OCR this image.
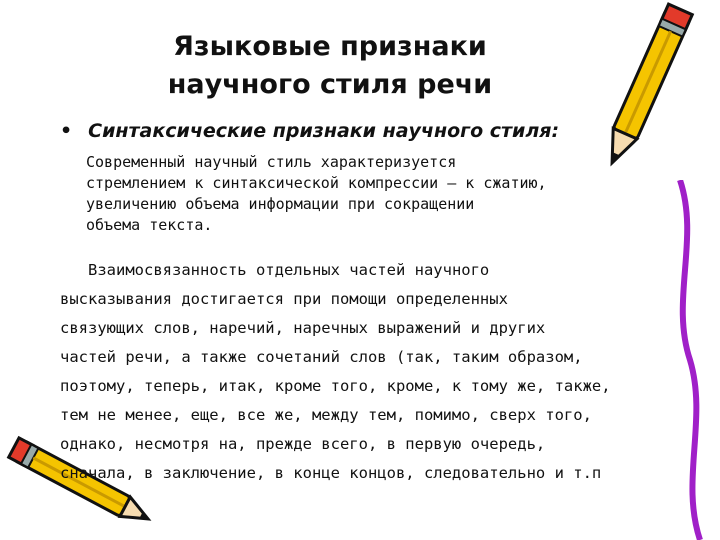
Языковые признаки
научного стиля речи
• Синтаксические признаки научного стиля:
Современный научный стиль характеризуется
стремлением к синтаксической компрессии – к сжатию,
увеличению объема информации при сокращении
объема текста.
Взаимосвязанность отдельных частей научного
высказывания достигается при помощи определенных
связующих слов, наречий, наречных выражений и других
частей речи, а также сочетаний слов (так, таким образом,
поэтому, теперь, итак, кроме того, кроме, к тому же, также,
тем не менее, еще, все же, между тем, помимо, сверх того,
однако, несмотря на, прежде всего, в первую очередь,
сначала, в заключение, в конце концов, следовательно и т.п
